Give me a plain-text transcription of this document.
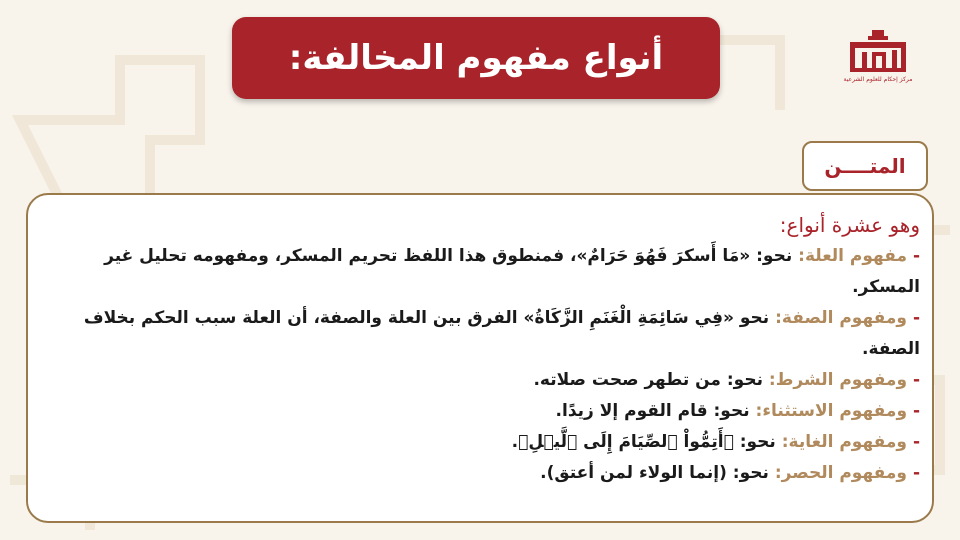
أنواع مفهوم المخالفة:
مركز إحكام للعلوم الشرعية
المتــــن
وهو عشرة أنواع:
- مفهوم العلة: نحو: «مَا أَسكرَ فَهُوَ حَرَامٌ»، فمنطوق هذا اللفظ تحريم المسكر، ومفهومه تحليل غير
المسكر.
- ومفهوم الصفة: نحو «فِي سَائِمَةِ الْغَنَمِ الزَّكَاةُ» الفرق بين العلة والصفة، أن العلة سبب الحكم بخلاف
الصفة.
- ومفهوم الشرط: نحو: من تطهر صحت صلاته.
- ومفهوم الاستثناء: نحو: قام القوم إلا زيدًا.
- ومفهوم الغاية: نحو: ﴿أَتِمُّواْ ٱلصِّيَامَ إِلَى ٱلَّيۡلِ﴾.
- ومفهوم الحصر: نحو: (إنما الولاء لمن أعتق).
